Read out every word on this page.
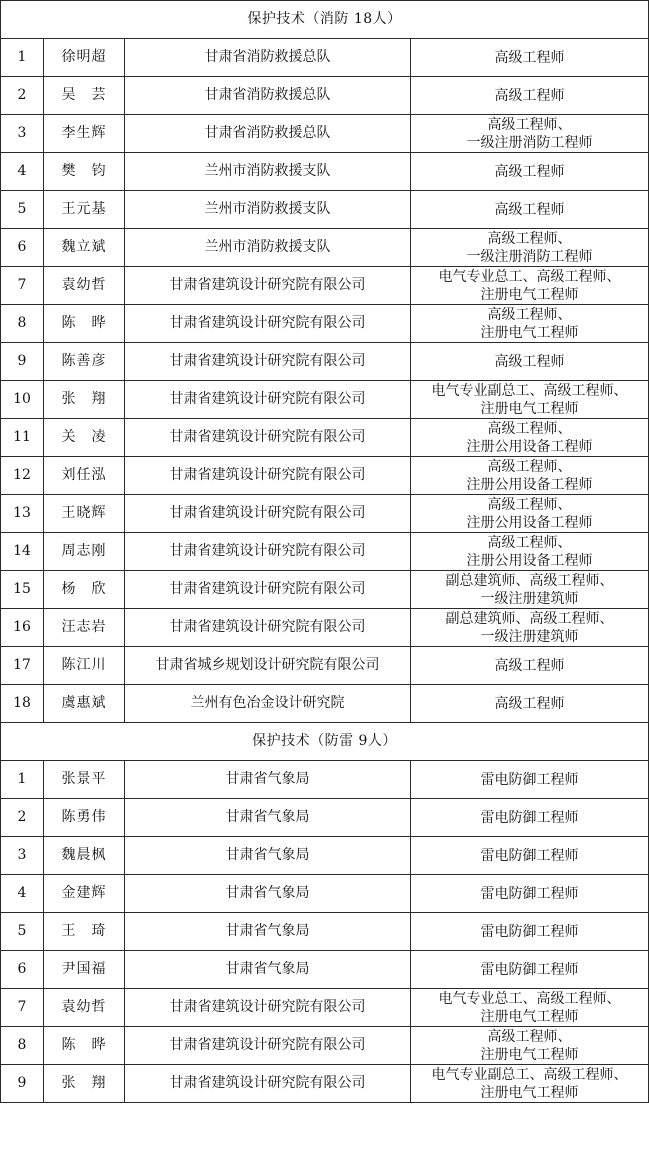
保护技术（消防 18人）			
1	徐明超	甘肃省消防救援总队	高级工程师
2	吴　芸	甘肃省消防救援总队	高级工程师
3	李生辉	甘肃省消防救援总队	高级工程师、
一级注册消防工程师
4	樊　钧	兰州市消防救援支队	高级工程师
5	王元基	兰州市消防救援支队	高级工程师
6	魏立斌	兰州市消防救援支队	高级工程师、
一级注册消防工程师
7	袁幼哲	甘肃省建筑设计研究院有限公司	电气专业总工、高级工程师、
注册电气工程师
8	陈　晔	甘肃省建筑设计研究院有限公司	高级工程师、
注册电气工程师
9	陈善彦	甘肃省建筑设计研究院有限公司	高级工程师
10	张　翔	甘肃省建筑设计研究院有限公司	电气专业副总工、高级工程师、
注册电气工程师
11	关　凌	甘肃省建筑设计研究院有限公司	高级工程师、
注册公用设备工程师
12	刘任泓	甘肃省建筑设计研究院有限公司	高级工程师、
注册公用设备工程师
13	王晓辉	甘肃省建筑设计研究院有限公司	高级工程师、
注册公用设备工程师
14	周志刚	甘肃省建筑设计研究院有限公司	高级工程师、
注册公用设备工程师
15	杨　欣	甘肃省建筑设计研究院有限公司	副总建筑师、高级工程师、
一级注册建筑师
16	汪志岩	甘肃省建筑设计研究院有限公司	副总建筑师、高级工程师、
一级注册建筑师
17	陈江川	甘肃省城乡规划设计研究院有限公司	高级工程师
18	虞惠斌	兰州有色冶金设计研究院	高级工程师
保护技术（防雷 9人）			
1	张景平	甘肃省气象局	雷电防御工程师
2	陈勇伟	甘肃省气象局	雷电防御工程师
3	魏晨枫	甘肃省气象局	雷电防御工程师
4	金建辉	甘肃省气象局	雷电防御工程师
5	王　琦	甘肃省气象局	雷电防御工程师
6	尹国福	甘肃省气象局	雷电防御工程师
7	袁幼哲	甘肃省建筑设计研究院有限公司	电气专业总工、高级工程师、
注册电气工程师
8	陈　晔	甘肃省建筑设计研究院有限公司	高级工程师、
注册电气工程师
9	张　翔	甘肃省建筑设计研究院有限公司	电气专业副总工、高级工程师、
注册电气工程师
